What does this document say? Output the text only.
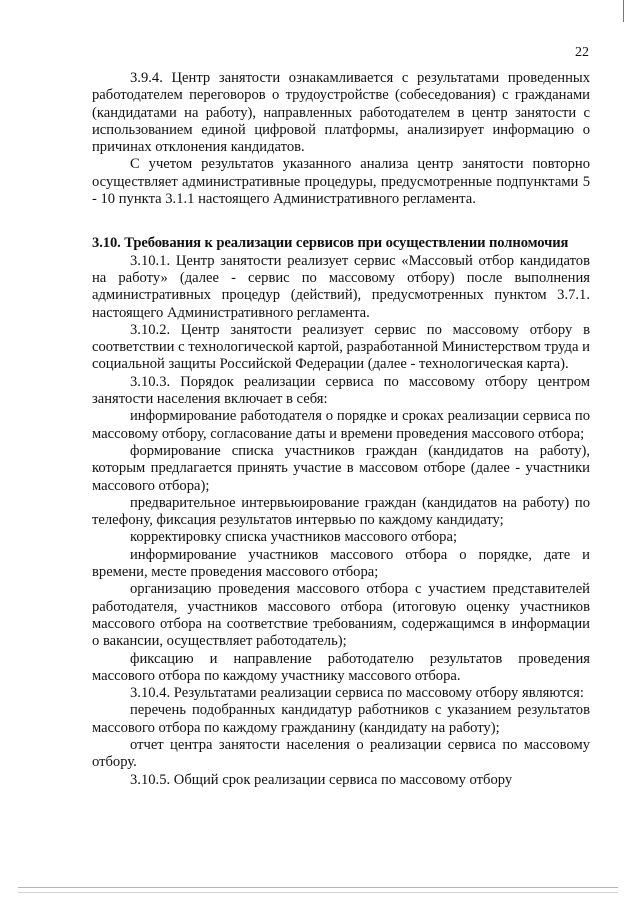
22

3.9.4. Центр занятости ознакамливается с результатами проведенных работодателем переговоров о трудоустройстве (собеседования) с гражданами (кандидатами на работу), направленных работодателем в центр занятости с использованием единой цифровой платформы, анализирует информацию о причинах отклонения кандидатов.

С учетом результатов указанного анализа центр занятости повторно осуществляет административные процедуры, предусмотренные подпунктами 5 - 10 пункта 3.1.1 настоящего Административного регламента.

3.10. Требования к реализации сервисов при осуществлении полномочия

3.10.1. Центр занятости реализует сервис «Массовый отбор кандидатов на работу» (далее - сервис по массовому отбору) после выполнения административных процедур (действий), предусмотренных пунктом 3.7.1. настоящего Административного регламента.

3.10.2. Центр занятости реализует сервис по массовому отбору в соответствии с технологической картой, разработанной Министерством труда и социальной защиты Российской Федерации (далее - технологическая карта).

3.10.3. Порядок реализации сервиса по массовому отбору центром занятости населения включает в себя:

информирование работодателя о порядке и сроках реализации сервиса по массовому отбору, согласование даты и времени проведения массового отбора;

формирование списка участников граждан (кандидатов на работу), которым предлагается принять участие в массовом отборе (далее - участники массового отбора);

предварительное интервьюирование граждан (кандидатов на работу) по телефону, фиксация результатов интервью по каждому кандидату;

корректировку списка участников массового отбора;

информирование участников массового отбора о порядке, дате и времени, месте проведения массового отбора;

организацию проведения массового отбора с участием представителей работодателя, участников массового отбора (итоговую оценку участников массового отбора на соответствие требованиям, содержащимся в информации о вакансии, осуществляет работодатель);

фиксацию и направление работодателю результатов проведения массового отбора по каждому участнику массового отбора.

3.10.4. Результатами реализации сервиса по массовому отбору являются:

перечень подобранных кандидатур работников с указанием результатов массового отбора по каждому гражданину (кандидату на работу);

отчет центра занятости населения о реализации сервиса по массовому отбору.

3.10.5. Общий срок реализации сервиса по массовому отбору
